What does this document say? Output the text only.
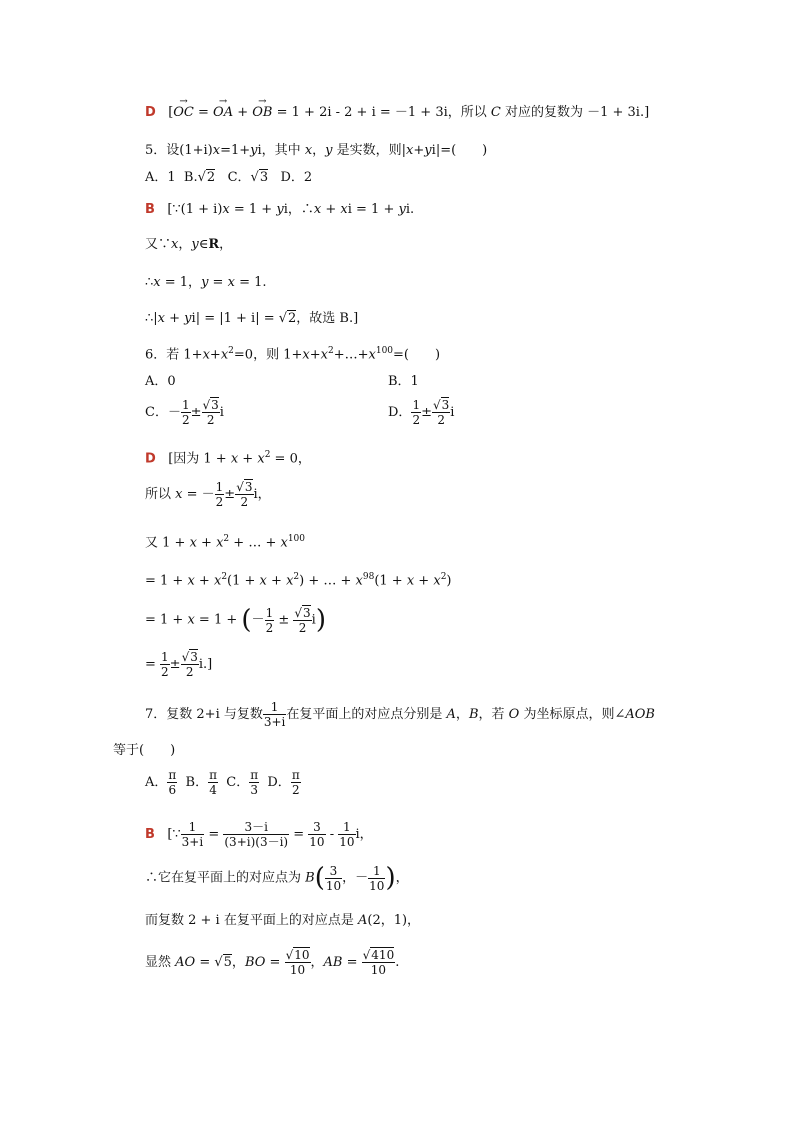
D   [→ OC = → OA + → OB = 1 + 2i - 2 + i = －1 + 3i，所以 C 对应的复数为 －1 + 3i.]
5．设(1+i)x=1+yi，其中 x，y 是实数，则|x+yi|=(　　)
A．1  B.√2   C．√3   D．2
B   [∵(1 + i)x = 1 + yi，∴x + xi = 1 + yi.
又∵x，y∈R，
∴x = 1，y = x = 1.
∴|x + yi| = |1 + i| = √2，故选 B.]
6．若 $1+x+x^2=0$，则 $1+x+x^2+\dots+x^{100}=$(　　)
A．0	B．1
C．－ $\frac{1}{2} \pm \frac{√3}{2}$ i	D． $\frac{1}{2} \pm \frac{√3}{2}$ i
D   [因为 $1 + x + x^2 = 0$，
所以 x = － $\frac{1}{2} \pm \frac{√3}{2}$ i，
又 $1 + x + x^2$ + … + $x^{100}$
= $1 + x + x^2(1 + x + x^2)$ + … + $x^{98}(1 + x + x^2)$
= 1 + x = 1 + (－ $\frac{1}{2} \pm \frac{√3}{2} i$)
= $\frac{1}{2} \pm \frac{√3}{2} i$.]
7．复数 2+i 与复数 $\frac{1}{3+i}$ 在复平面上的对应点分别是 A，B，若 O 为坐标原点，则∠AOB
等于(　　)
A． $\frac{\pi}{6}$ B． $\frac{\pi}{4}$ C． $\frac{\pi}{3}$ D． $\frac{\pi}{2}$
B   [∵ $\frac{1}{3+i} = \frac{3-i}{(3+i)(3-i)} = \frac{3}{10} - \frac{1}{10}$ i，
∴它在复平面上的对应点为 $B( \frac{3}{10}$ ，－ $\frac{1}{10}$ )，
而复数 2 + i 在复平面上的对应点是 A(2，1)，
显然 AO = √5，BO = $\frac{√10}{10}$ ，AB = $\frac{√410}{10}$ .
